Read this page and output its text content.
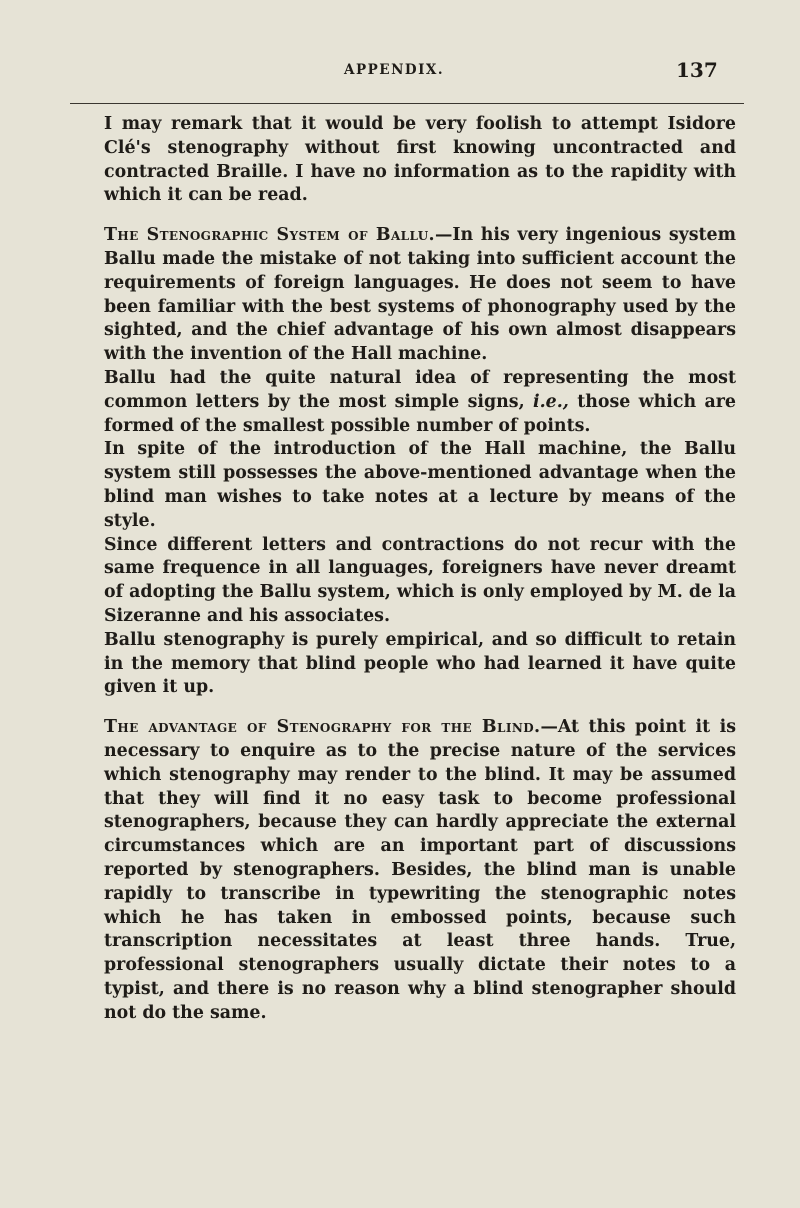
APPENDIX.	137

I may remark that it would be very foolish to attempt Isidore Clé's stenography without first knowing uncontracted and contracted Braille. I have no information as to the rapidity with which it can be read.

The Stenographic System of Ballu.—In his very ingenious system Ballu made the mistake of not taking into sufficient account the requirements of foreign languages. He does not seem to have been familiar with the best systems of phonography used by the sighted, and the chief advantage of his own almost disappears with the invention of the Hall machine.

Ballu had the quite natural idea of representing the most common letters by the most simple signs, i.e., those which are formed of the smallest possible number of points.

In spite of the introduction of the Hall machine, the Ballu system still possesses the above-mentioned advantage when the blind man wishes to take notes at a lecture by means of the style.

Since different letters and contractions do not recur with the same frequence in all languages, foreigners have never dreamt of adopting the Ballu system, which is only employed by M. de la Sizeranne and his associates.

Ballu stenography is purely empirical, and so difficult to retain in the memory that blind people who had learned it have quite given it up.

The advantage of Stenography for the Blind.—At this point it is necessary to enquire as to the precise nature of the services which stenography may render to the blind. It may be assumed that they will find it no easy task to become professional stenographers, because they can hardly appreciate the external circumstances which are an important part of discussions reported by stenographers. Besides, the blind man is unable rapidly to transcribe in typewriting the stenographic notes which he has taken in embossed points, because such transcription necessitates at least three hands. True, professional stenographers usually dictate their notes to a typist, and there is no reason why a blind stenographer should not do the same.
